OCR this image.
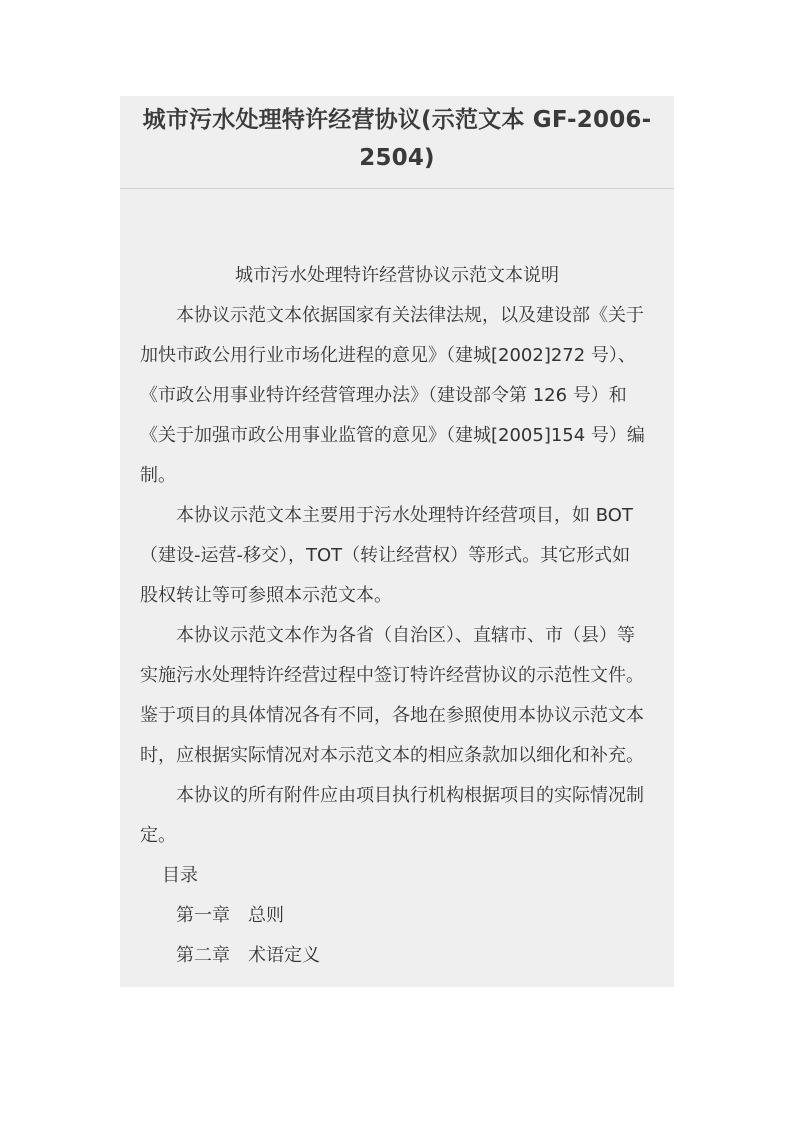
城市污水处理特许经营协议(示范文本 GF-2006-
2504)

城市污水处理特许经营协议示范文本说明

本协议示范文本依据国家有关法律法规，以及建设部《关于
加快市政公用行业市场化进程的意见》（建城[2002]272 号）、
《市政公用事业特许经营管理办法》（建设部令第 126 号）和
《关于加强市政公用事业监管的意见》（建城[2005]154 号）编
制。

本协议示范文本主要用于污水处理特许经营项目，如 BOT
（建设-运营-移交），TOT（转让经营权）等形式。其它形式如
股权转让等可参照本示范文本。

本协议示范文本作为各省（自治区）、直辖市、市（县）等
实施污水处理特许经营过程中签订特许经营协议的示范性文件。
鉴于项目的具体情况各有不同，各地在参照使用本协议示范文本
时，应根据实际情况对本示范文本的相应条款加以细化和补充。

本协议的所有附件应由项目执行机构根据项目的实际情况制
定。

目录

第一章　总则

第二章　术语定义
